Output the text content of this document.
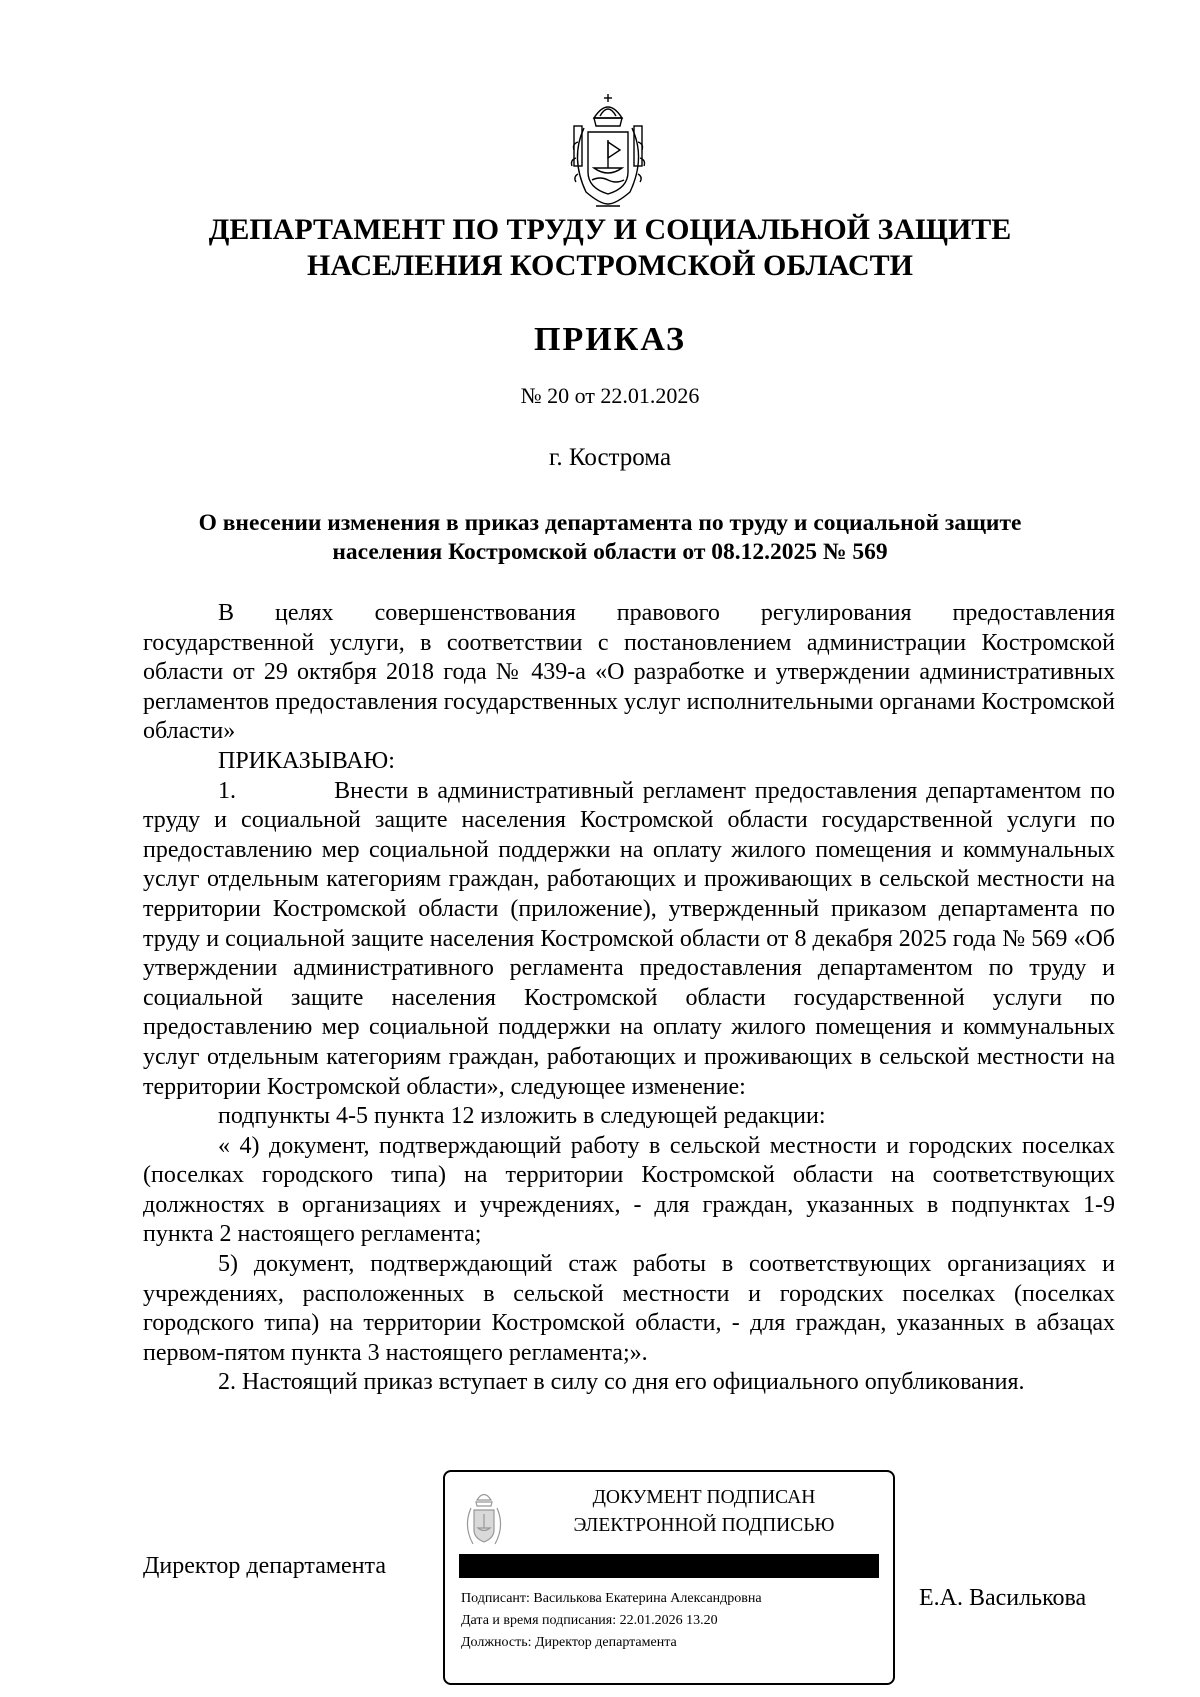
ДЕПАРТАМЕНТ ПО ТРУДУ И СОЦИАЛЬНОЙ ЗАЩИТЕ
НАСЕЛЕНИЯ КОСТРОМСКОЙ ОБЛАСТИ
ПРИКАЗ
№ 20 от 22.01.2026
г. Кострома
О внесении изменения в приказ департамента по труду и социальной защите
населения Костромской области от 08.12.2025 № 569

В целях совершенствования правового регулирования предоставления государственной услуги, в соответствии с постановлением администрации Костромской области от 29 октября 2018 года № 439-а «О разработке и утверждении административных регламентов предоставления государственных услуг исполнительными органами Костромской области»

ПРИКАЗЫВАЮ:

1.           Внести в административный регламент предоставления департаментом по труду и социальной защите населения Костромской области государственной услуги по предоставлению мер социальной поддержки на оплату жилого помещения и коммунальных услуг отдельным категориям граждан, работающих и проживающих в сельской местности на территории Костромской области (приложение), утвержденный приказом департамента по труду и социальной защите населения Костромской области от 8 декабря 2025 года № 569 «Об утверждении административного регламента предоставления департаментом по труду и социальной защите населения Костромской области государственной услуги по предоставлению мер социальной поддержки на оплату жилого помещения и коммунальных услуг отдельным категориям граждан, работающих и проживающих в сельской местности на территории Костромской области», следующее изменение:

подпункты 4-5 пункта 12 изложить в следующей редакции:

« 4) документ, подтверждающий работу в сельской местности и городских поселках (поселках городского типа) на территории Костромской области на соответствующих должностях в организациях и учреждениях, - для граждан, указанных в подпунктах 1-9 пункта 2 настоящего регламента;

5) документ, подтверждающий стаж работы в соответствующих организациях и учреждениях, расположенных в сельской местности и городских поселках (поселках городского типа) на территории Костромской области, - для граждан, указанных в абзацах первом-пятом пункта 3 настоящего регламента;».

2. Настоящий приказ вступает в силу со дня его официального опубликования.

Директор департамента
Е.А. Василькова
ДОКУМЕНТ ПОДПИСАН
ЭЛЕКТРОННОЙ ПОДПИСЬЮ
Подписант: Василькова Екатерина Александровна
Дата и время подписания: 22.01.2026 13.20
Должность: Директор департамента
